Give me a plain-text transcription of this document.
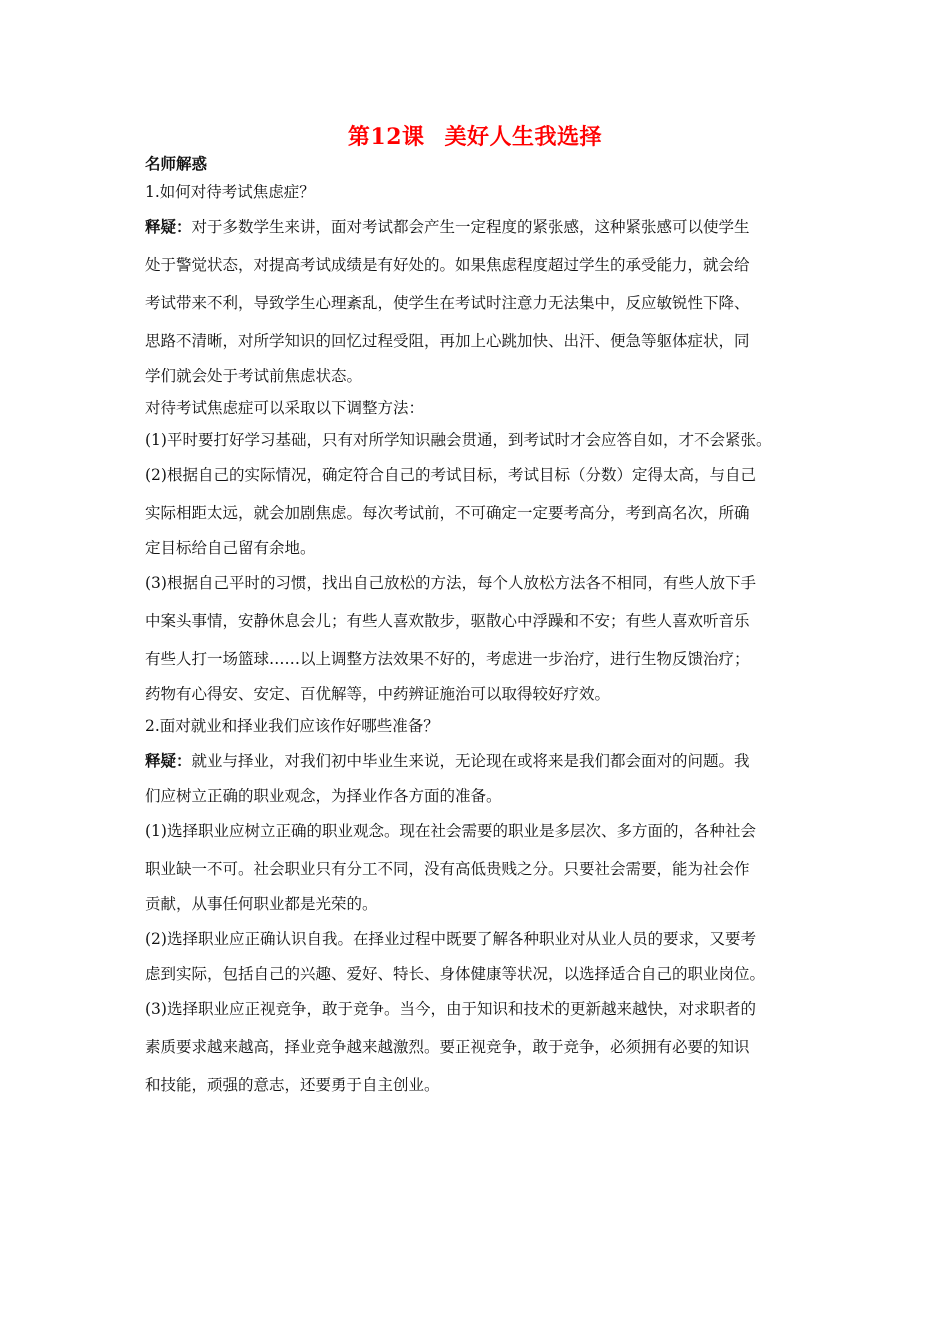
第12课 美好人生我选择
名师解惑
1.如何对待考试焦虑症？
释疑：对于多数学生来讲，面对考试都会产生一定程度的紧张感，这种紧张感可以使学生
处于警觉状态，对提高考试成绩是有好处的。如果焦虑程度超过学生的承受能力，就会给
考试带来不利，导致学生心理紊乱，使学生在考试时注意力无法集中，反应敏锐性下降、
思路不清晰，对所学知识的回忆过程受阻，再加上心跳加快、出汗、便急等躯体症状，同
学们就会处于考试前焦虑状态。
对待考试焦虑症可以采取以下调整方法：
(1)平时要打好学习基础，只有对所学知识融会贯通，到考试时才会应答自如，才不会紧张。
(2)根据自己的实际情况，确定符合自己的考试目标，考试目标（分数）定得太高，与自己
实际相距太远，就会加剧焦虑。每次考试前，不可确定一定要考高分，考到高名次，所确
定目标给自己留有余地。
(3)根据自己平时的习惯，找出自己放松的方法，每个人放松方法各不相同，有些人放下手
中案头事情，安静休息会儿；有些人喜欢散步，驱散心中浮躁和不安；有些人喜欢听音乐
有些人打一场篮球……以上调整方法效果不好的，考虑进一步治疗，进行生物反馈治疗；
药物有心得安、安定、百优解等，中药辨证施治可以取得较好疗效。
2.面对就业和择业我们应该作好哪些准备？
释疑：就业与择业，对我们初中毕业生来说，无论现在或将来是我们都会面对的问题。我
们应树立正确的职业观念，为择业作各方面的准备。
(1)选择职业应树立正确的职业观念。现在社会需要的职业是多层次、多方面的，各种社会
职业缺一不可。社会职业只有分工不同，没有高低贵贱之分。只要社会需要，能为社会作
贡献，从事任何职业都是光荣的。
(2)选择职业应正确认识自我。在择业过程中既要了解各种职业对从业人员的要求，又要考
虑到实际，包括自己的兴趣、爱好、特长、身体健康等状况，以选择适合自己的职业岗位。
(3)选择职业应正视竞争，敢于竞争。当今，由于知识和技术的更新越来越快，对求职者的
素质要求越来越高，择业竞争越来越激烈。要正视竞争，敢于竞争，必须拥有必要的知识
和技能，顽强的意志，还要勇于自主创业。
